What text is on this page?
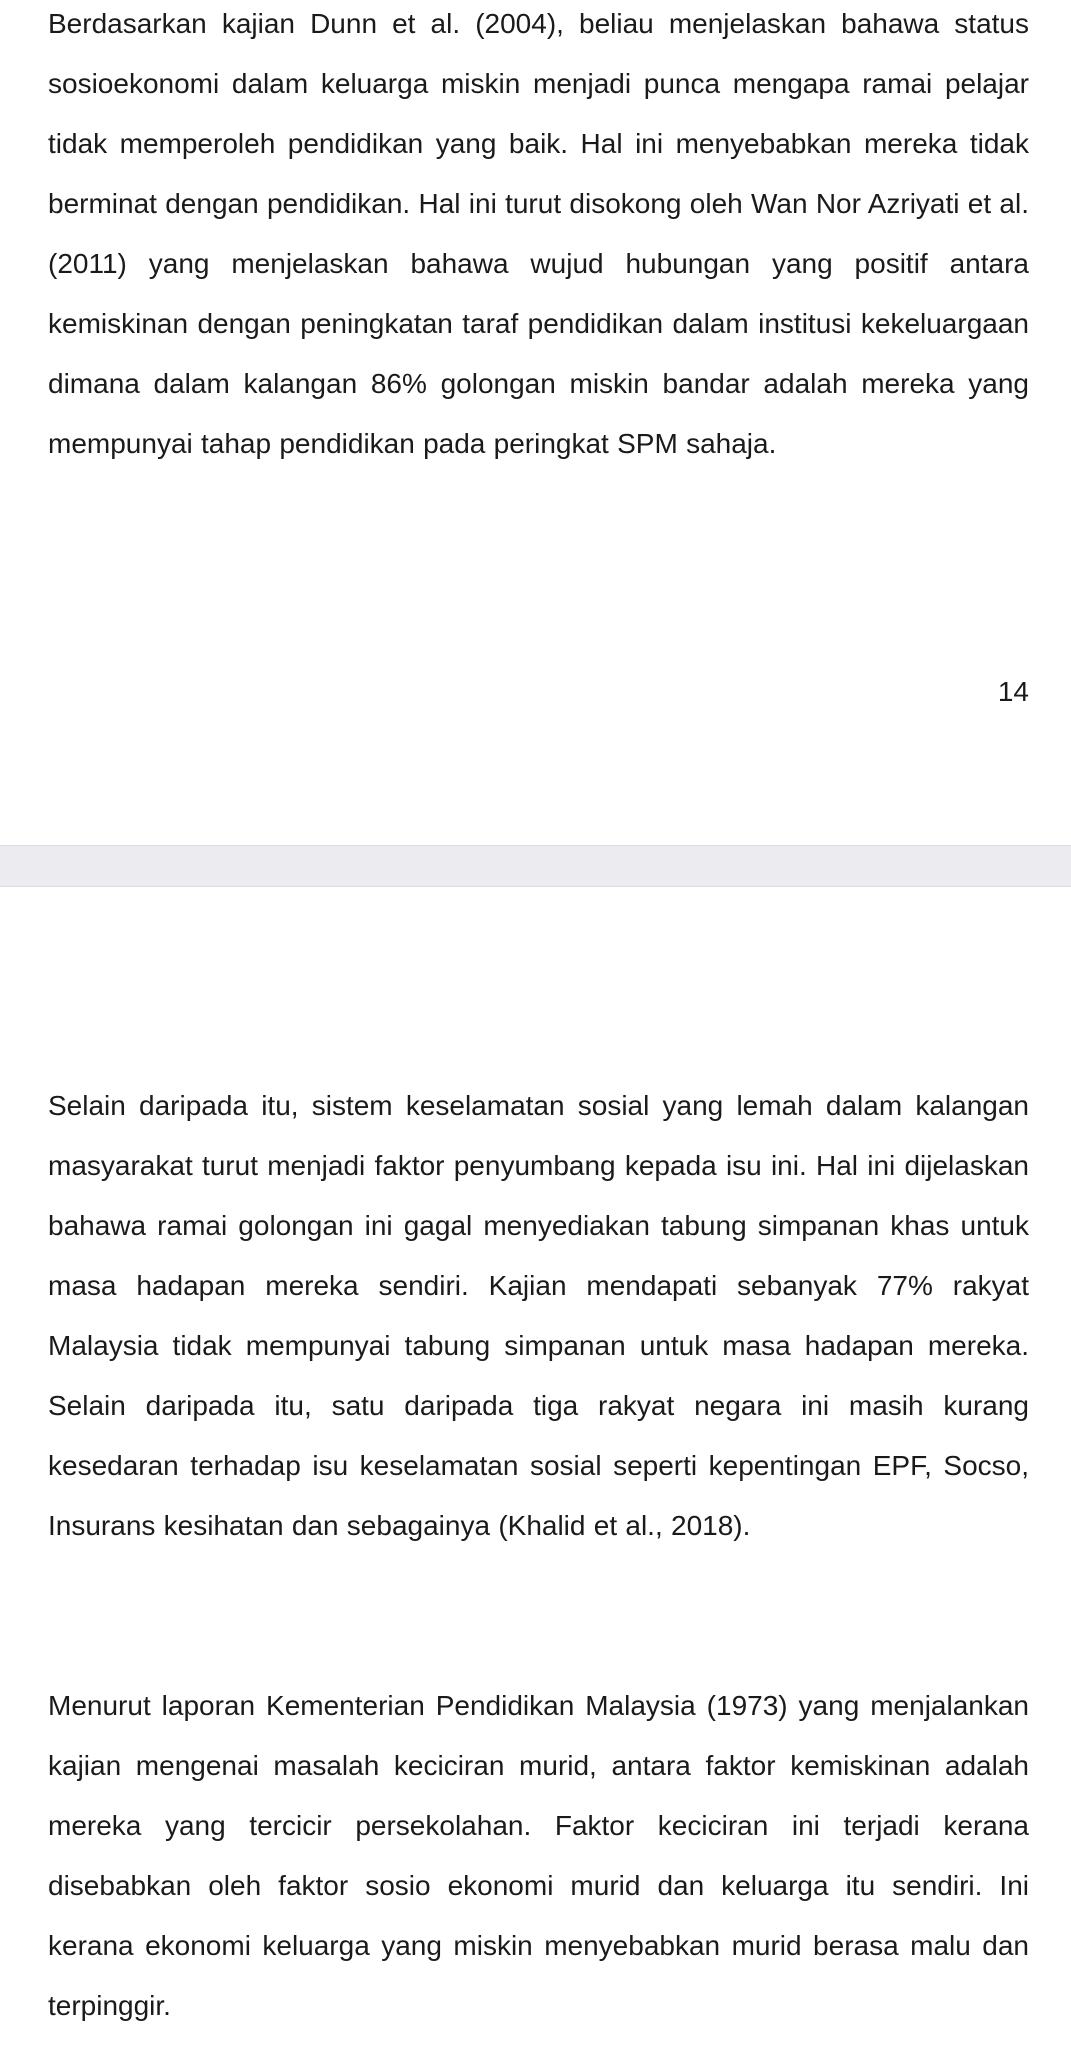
Berdasarkan kajian Dunn et al. (2004), beliau menjelaskan bahawa status sosioekonomi dalam keluarga miskin menjadi punca mengapa ramai pelajar tidak memperoleh pendidikan yang baik. Hal ini menyebabkan mereka tidak berminat dengan pendidikan. Hal ini turut disokong oleh Wan Nor Azriyati et al. (2011) yang menjelaskan bahawa wujud hubungan yang positif antara kemiskinan dengan peningkatan taraf pendidikan dalam institusi kekeluargaan dimana dalam kalangan 86% golongan miskin bandar adalah mereka yang mempunyai tahap pendidikan pada peringkat SPM sahaja.

14

Selain daripada itu, sistem keselamatan sosial yang lemah dalam kalangan masyarakat turut menjadi faktor penyumbang kepada isu ini. Hal ini dijelaskan bahawa ramai golongan ini gagal menyediakan tabung simpanan khas untuk masa hadapan mereka sendiri. Kajian mendapati sebanyak 77% rakyat Malaysia tidak mempunyai tabung simpanan untuk masa hadapan mereka. Selain daripada itu, satu daripada tiga rakyat negara ini masih kurang kesedaran terhadap isu keselamatan sosial seperti kepentingan EPF, Socso, Insurans kesihatan dan sebagainya (Khalid et al., 2018).

Menurut laporan Kementerian Pendidikan Malaysia (1973) yang menjalankan kajian mengenai masalah keciciran murid, antara faktor kemiskinan adalah mereka yang tercicir persekolahan. Faktor keciciran ini terjadi kerana disebabkan oleh faktor sosio ekonomi murid dan keluarga itu sendiri. Ini kerana ekonomi keluarga yang miskin menyebabkan murid berasa malu dan terpinggir.
